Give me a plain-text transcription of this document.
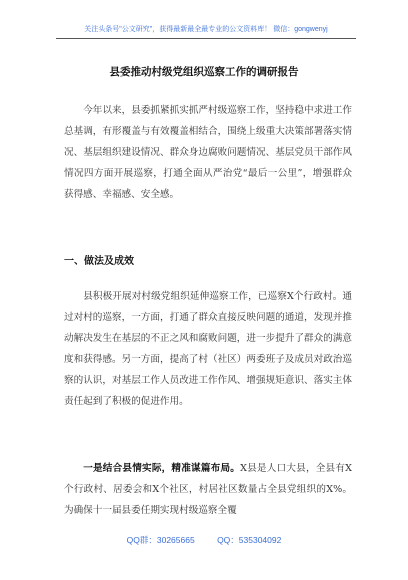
关注头条号"公文研究"，获得最新最全最专业的公文资料库！ 微信：gongwenyj
县委推动村级党组织巡察工作的调研报告

今年以来，县委抓紧抓实抓严村级巡察工作，坚持稳中求进工作总基调，有形覆盖与有效覆盖相结合，围绕上级重大决策部署落实情况、基层组织建设情况、群众身边腐败问题情况、基层党员干部作风情况四方面开展巡察，打通全面从严治党“最后一公里”，增强群众获得感、幸福感、安全感。

一、做法及成效

县积极开展对村级党组织延伸巡察工作，已巡察X个行政村。通过对村的巡察，一方面，打通了群众直接反映问题的通道，发现并推动解决发生在基层的不正之风和腐败问题，进一步提升了群众的满意度和获得感。另一方面，提高了村（社区）两委班子及成员对政治巡察的认识，对基层工作人员改进工作作风、增强规矩意识、落实主体责任起到了积极的促进作用。

一是结合县情实际，精准谋篇布局。X县是人口大县，全县有X个行政村、居委会和X个社区，村居社区数量占全县党组织的X%。为确保十一届县委任期实现村级巡察全覆

QQ群：30265665	QQ：535304092
